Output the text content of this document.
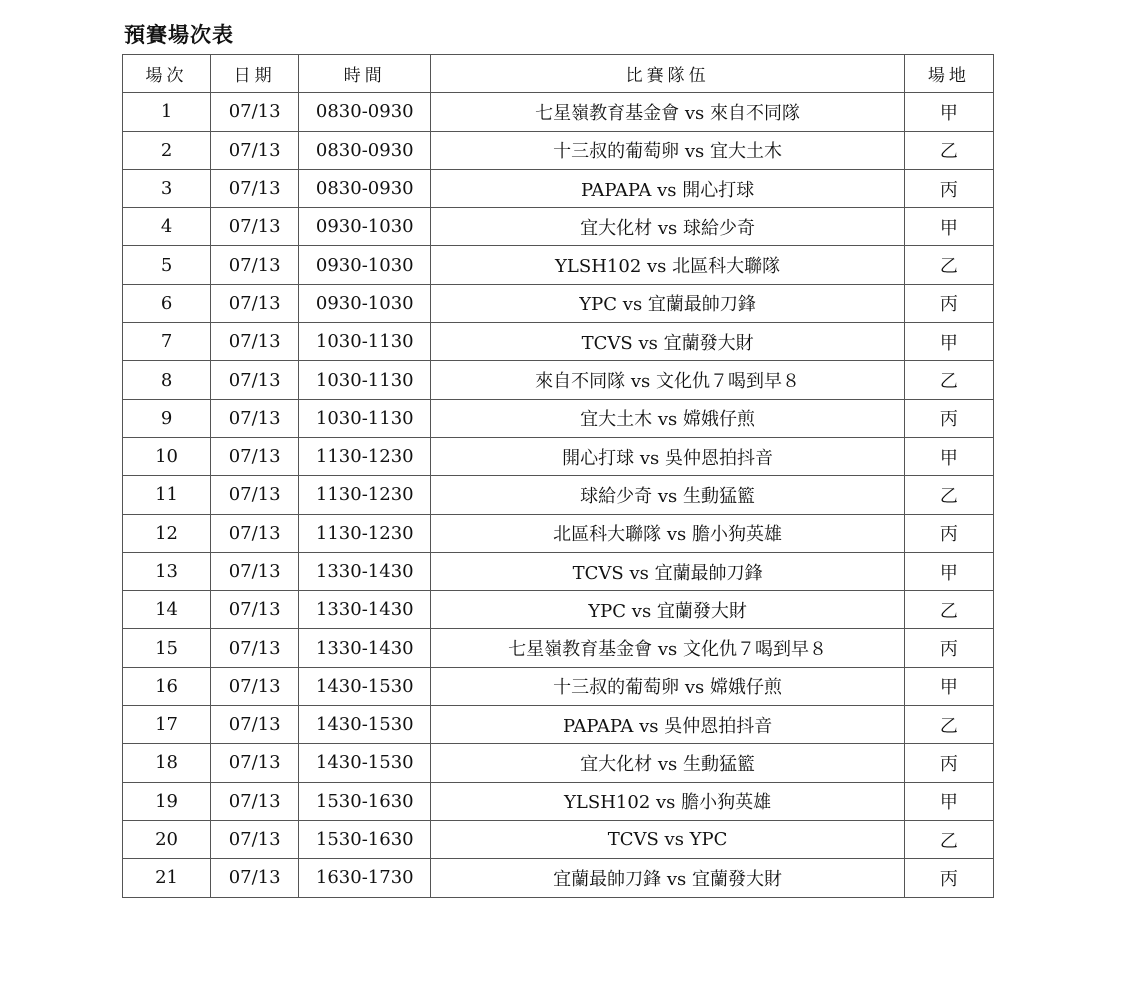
預賽場次表
場次	日期	時間	比賽隊伍	場地
1	07/13	0830-0930	七星嶺教育基金會 vs 來自不同隊	甲
2	07/13	0830-0930	十三叔的葡萄卵 vs 宜大土木	乙
3	07/13	0830-0930	PAPAPA vs 開心打球	丙
4	07/13	0930-1030	宜大化材 vs 球給少奇	甲
5	07/13	0930-1030	YLSH102 vs 北區科大聯隊	乙
6	07/13	0930-1030	YPC vs 宜蘭最帥刀鋒	丙
7	07/13	1030-1130	TCVS vs 宜蘭發大財	甲
8	07/13	1030-1130	來自不同隊 vs 文化仇７喝到早８	乙
9	07/13	1030-1130	宜大土木 vs 嫦娥仔煎	丙
10	07/13	1130-1230	開心打球 vs 吳仲恩拍抖音	甲
11	07/13	1130-1230	球給少奇 vs 生動猛籃	乙
12	07/13	1130-1230	北區科大聯隊 vs 膽小狗英雄	丙
13	07/13	1330-1430	TCVS vs 宜蘭最帥刀鋒	甲
14	07/13	1330-1430	YPC vs 宜蘭發大財	乙
15	07/13	1330-1430	七星嶺教育基金會 vs 文化仇７喝到早８	丙
16	07/13	1430-1530	十三叔的葡萄卵 vs 嫦娥仔煎	甲
17	07/13	1430-1530	PAPAPA vs 吳仲恩拍抖音	乙
18	07/13	1430-1530	宜大化材 vs 生動猛籃	丙
19	07/13	1530-1630	YLSH102 vs 膽小狗英雄	甲
20	07/13	1530-1630	TCVS vs YPC	乙
21	07/13	1630-1730	宜蘭最帥刀鋒 vs 宜蘭發大財	丙
